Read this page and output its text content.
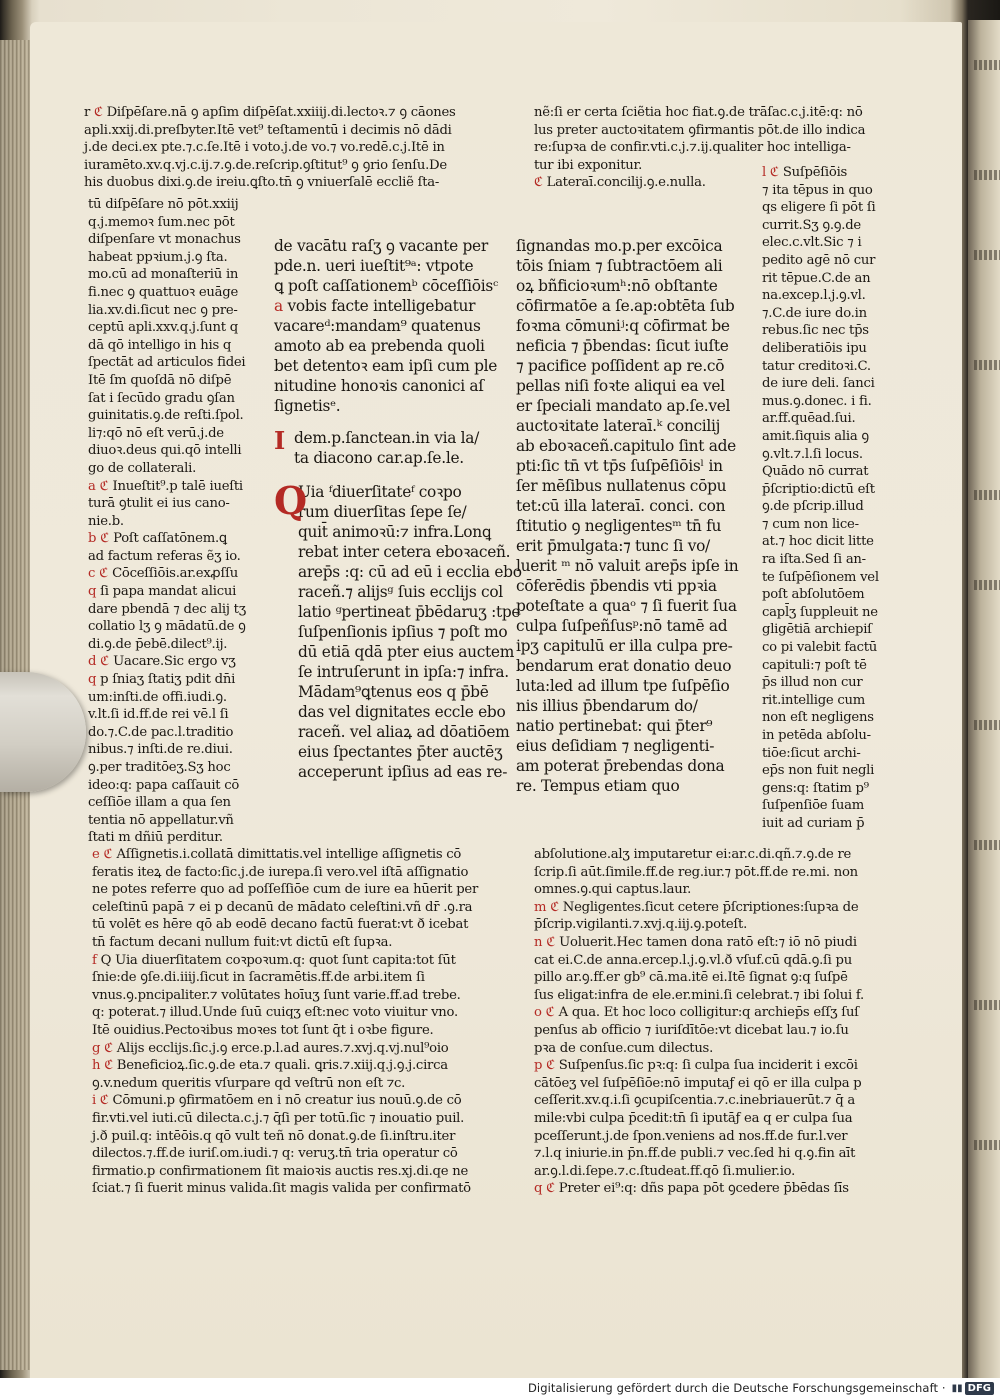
r ℭ Diſpēſare.nā ꝯ apſim diſpēſat.xxiiij.di.lectoꝛ.⁊ ꝯ cāones

apli.xxij.di.preſbyter.Itē vet⁹ teſtamentū i decimis nō dādi

j.de deci.ex pte.⁊.c.ſe.Itē i voto.j.de vo.⁊ vo.redē.c.j.Itē in

iuramēto.xv.q.vj.c.ij.⁊.ꝯ.de.reſcrip.ꝯſtitut⁹ ꝯ ꝯrio ſenſu.De

his duobus dixi.ꝯ.de ireiu.ꝗſto.tn̄ ꝯ vniuerſalē eccliẽ ſta-

nẽ:ſi er certa ſciẽtia hoc fiat.ꝯ.de trāſac.c.j.itē:q: nō

lus preter auctoꝛitatem ꝯfirmantis pōt.de illo indica

re:ſupꝛa de confir.vti.c.j.⁊.ij.qualiter hoc intelliga-

tur ibi exponitur.

ℭ Lateraī.concilij.ꝯ.e.nulla.

tū diſpēſare nō pōt.xxiij

q.j.memoꝛ ſum.nec pōt

diſpenſare vt monachus

habeat ppꝛium.j.ꝯ ſta.

mo.cū ad monaſteriū in

fi.nec ꝯ quattuoꝛ euāge

lia.xv.di.ſicut nec ꝯ pre-

ceptū apli.xxv.q.j.ſunt q

dā qō intelligo in his q

ſpectāt ad articulos fidei

Itē ſm quoſdā nō diſpē

ſat i ſecūdo gradu ꝯſan

guinitatis.ꝯ.de reſti.ſpol.

li⁊:qō nō eſt verū.j.de

diuoꝛ.deus qui.qō intelli

go de collaterali.

a ℭ Inueſtit⁹.p talē iueſti

turā ꝯtulit ei ius cano-

nie.b.

b ℭ Poſt caſſatōnem.ꝗ

ad factum referas ẽʒ io.

c ℭ Cōceſſiōis.ar.exꝓſſu

q ſi papa mandat alicui

dare pbendā ⁊ dec alij tʒ

collatio lʒ ꝯ mādatū.de ꝯ

di.ꝯ.de p̄ebē.dilect⁹.ij.

d ℭ Uacare.Sic ergo vʒ

q p ſniaʒ ſtatiʒ pdit dn̄i

um:inſti.de offi.iudi.ꝯ.

v.lt.ſi id.ff.de rei vē.l ſi

do.⁊.C.de pac.l.traditio

nibus.⁊ inſti.de re.diui.

ꝯ.per traditōeʒ.Sʒ hoc

ideo:q: papa caſſauit cō

ceſſiōe illam a qua ſen

tentia nō appellatur.vñ

ſtati m dñiū perditur.

de vacātu raſʒ ꝯ vacante per

pde.n. ueri iueſtit⁹ᵃ: vtpote

ꝗ poſt caſſationemᵇ cōceſſiōisᶜ

a vobis facte intelligebatur

vacareᵈ:mandam⁹ quatenus

amoto ab ea prebenda quoli

bet detentoꝛ eam ipſi cum ple

nitudine honoꝛis canonici aſ

ſignetisᵉ.

I dem.p.ſanctean.in via la/

ta diacono car.ap.ſe.le.

Q

Uia ᶠdiuerſitateᶠ coꝛpo

rum diuerſitas ſepe ſe/

quit̄ animoꝛū:⁊ infra.Lonꝗ

rebat inter cetera eboꝛaceñ.

arep̄s :q: cū ad eū i ecclia ebo

raceñ.⁊ alijsᵍ ſuis ecclijs col

latio ᵍpertineat p̄bēdaruʒ :tpe

ſuſpenſionis ipſius ⁊ poſt mo

dū etiā qdā pter eius auctem

ſe intruſerunt in ipſa:⁊ infra.

Mādam⁹ꝗtenus eos q p̄bē

das vel dignitates eccle ebo

raceñ. vel aliaꝝ ad dōatiōem

eius ſpectantes p̄ter auctēʒ

acceperunt ipſius ad eas re-

ſignandas mo.p.per excōica

tōis ſniam ⁊ ſubtractōem ali

oꝝ bñficioꝛumʰ:nō obſtante

cōfirmatōe a ſe.ap:obtēta ſub

foꝛma cōmuniʲ:q cōfirmat be

neficia ⁊ p̄bendas: ſicut iuſte

⁊ pacifice poſſident ap re.cō

pellas niſi foꝛte aliqui ea vel

er ſpeciali mandato ap.ſe.vel

auctoꝛitate lateraī.ᵏ concilij

ab eboꝛaceñ.capitulo ſint ade

pti:ſic tn̄ vt tp̄s ſuſpēſiōisˡ in

ſer mēſibus nullatenus cōpu

tet:cū illa lateraī. conci. con

ſtitutio ꝯ negligentesᵐ tn̄ fu

erit p̄mulgata:⁊ tunc ſi vo/

luerit ᵐ nō valuit arep̄s ipſe in

cōferēdis p̄bendis vti ppꝛia

poteſtate a quaᵒ ⁊ ſi fuerit ſua

culpa ſuſpeñſusᵖ:nō tamē ad

ipʒ capitulū er illa culpa pre-

bendarum erat donatio deuo

luta:led ad illum tpe ſuſpēſio

nis illius p̄bendarum do/

natio pertinebat: qui p̄ter⁹

eius deſidiam ⁊ negligenti-

am poterat p̄rebendas dona

re. Tempus etiam quo

l ℭ Suſpēſiōis

⁊ ita tēpus in quo

qs eligere ſi pōt ſi

currit.Sʒ ꝯ.ꝯ.de

elec.c.vlt.Sic ⁊ i

pedito agē nō cur

rit tēpue.C.de an

na.excep.l.j.ꝯ.vl.

⁊.C.de iure do.in

rebus.ſic nec tp̄s

deliberatiōis ipu

tatur creditoꝛi.C.

de iure deli. ſanci

mus.ꝯ.donec. i fi.

ar.ff.quēad.ſui.

amit.ſiquis alia ꝯ

ꝯ.vlt.⁊.l.ſi locus.

Quādo nō currat

p̄ſcriptio:dictū eſt

ꝯ.de pſcrip.illud

⁊ cum non lice-

at.⁊ hoc dicit litte

ra iſta.Sed ſi an-

te ſuſpēſionem vel

poſt abſolutōem

capl̄ʒ ſuppleuit ne

gligētiā archiepiſ

co pi valebit factū

capituli:⁊ poſt tē

p̄s illud non cur

rit.intellige cum

non eſt negligens

in petēda abſolu-

tiōe:ſicut archi-

ep̄s non fuit negli

gens:q: ſtatim p⁹

ſuſpenſiōe ſuam

iuit ad curiam p̄

e ℭ Aſſignetis.i.collatā dimittatis.vel intellige aſſignetis cō

feratis iteꝝ de facto:ſic.j.de iurepa.ſi vero.vel iſtā aſſignatio

ne potes referre quo ad poſſeſſiōe cum de iure ea hūerit per

celeſtinū papā ⁊ ei p decanū de mādato celeſtini.vñ dr̄ .ꝯ.ra

tū volēt es hēre qō ab eodē decano factū fuerat:vt ð icebat

tn̄ factum decani nullum fuit:vt dictū eſt ſupꝛa.

f Q Uia diuerſitatem coꝛpoꝛum.q: quot ſunt capita:tot ſūt

ſnie:de ꝯſe.di.iiij.ſicut in ſacramētis.ff.de arbi.item ſi

vnus.ꝯ.pncipaliter.⁊ volūtates hoīuʒ ſunt varie.ff.ad trebe.

q: poterat.⁊ illud.Unde ſuū cuiqʒ eſt:nec voto viuitur vno.

Itē ouidius.Pectoꝛibus moꝛes tot ſunt q̄t i oꝛbe figure.

g ℭ Alijs ecclijs.ſic.j.ꝯ erce.p.l.ad aures.⁊.xvj.q.vj.nul⁹oio

h ℭ Beneficioꝝ.ſic.ꝯ.de eta.⁊ quali. ꝗris.⁊.xiij.q.j.ꝯ.j.circa

ꝯ.v.nedum queritis vſurpare qd veſtrū non eſt ⁊c.

i ℭ Cōmuni.p ꝯfirmatōem en i nō creatur ius nouū.ꝯ.de cō

fir.vti.vel iuti.cū dilecta.c.j.⁊ q̄ſi per totū.ſic ⁊ inouatio puil.

j.ð puil.q: intēōis.q qō vult teñ nō donat.ꝯ.de ſi.inſtru.iter

dilectos.⁊.ff.de iuriſ.om.iudi.⁊ q: veruʒ.tn̄ tria operatur cō

firmatio.p confirmationem ſit maioꝛis auctis res.xj.di.qe ne

ſciat.⁊ ſi fuerit minus valida.ſit magis valida per confirmatō

abſolutione.alʒ imputaretur ei:ar.c.di.qñ.⁊.ꝯ.de re

ſcrip.ſi aūt.ſimile.ff.de reg.iur.⁊ pōt.ff.de re.mi. non

omnes.ꝯ.qui captus.laur.

m ℭ Negligentes.ſicut cetere p̄ſcriptiones:ſupꝛa de

p̄ſcrip.vigilanti.⁊.xvj.q.iij.ꝯ.poteſt.

n ℭ Uoluerit.Hec tamen dona ratō eſt:⁊ iō nō piudi

cat ei.C.de anna.ercep.l.j.ꝯ.vl.ð vſuf.cū qdā.ꝯ.ſi pu

pillo ar.ꝯ.ff.er gb⁹ cā.ma.itē ei.Itē ſignat ꝯ:q ſuſpē

ſus eligat:infra de ele.er.mini.ſi celebrat.⁊ ibi ſolui f.

o ℭ A qua. Et hoc loco colligitur:q archiep̄s eſſʒ ſuſ

penſus ab officio ⁊ iuriſdītōe:vt dicebat lau.⁊ io.ſu

pꝛa de conſue.cum dilectus.

p ℭ Suſpenſus.ſic pꝛ:q: ſi culpa ſua inciderit i excōi

cātōeʒ vel ſuſpēſiōe:nō imputaƒ ei qō er illa culpa p

ceſſerit.xv.q.i.ſi ꝯcupiſcentia.⁊.c.inebriauerūt.⁊ q̄ a

mile:vbi culpa p̄cedit:tn̄ ſi iputāƒ ea q er culpa ſua

pceſſerunt.j.de ſpon.veniens ad nos.ff.de fur.l.ver

⁊.l.q iniurie.in p̄n.ff.de publi.⁊ vec.ſed hi q.ꝯ.fin aīt

ar.ꝯ.l.di.ſepe.⁊.c.ſtudeat.ff.qō ſi.mulier.io.

q ℭ Preter ei⁹:q: dñs papa pōt ꝯcedere p̄bēdas ſīs

Digitalisierung gefördert durch die Deutsche Forschungsgemeinschaft · ▮▮ DFG
